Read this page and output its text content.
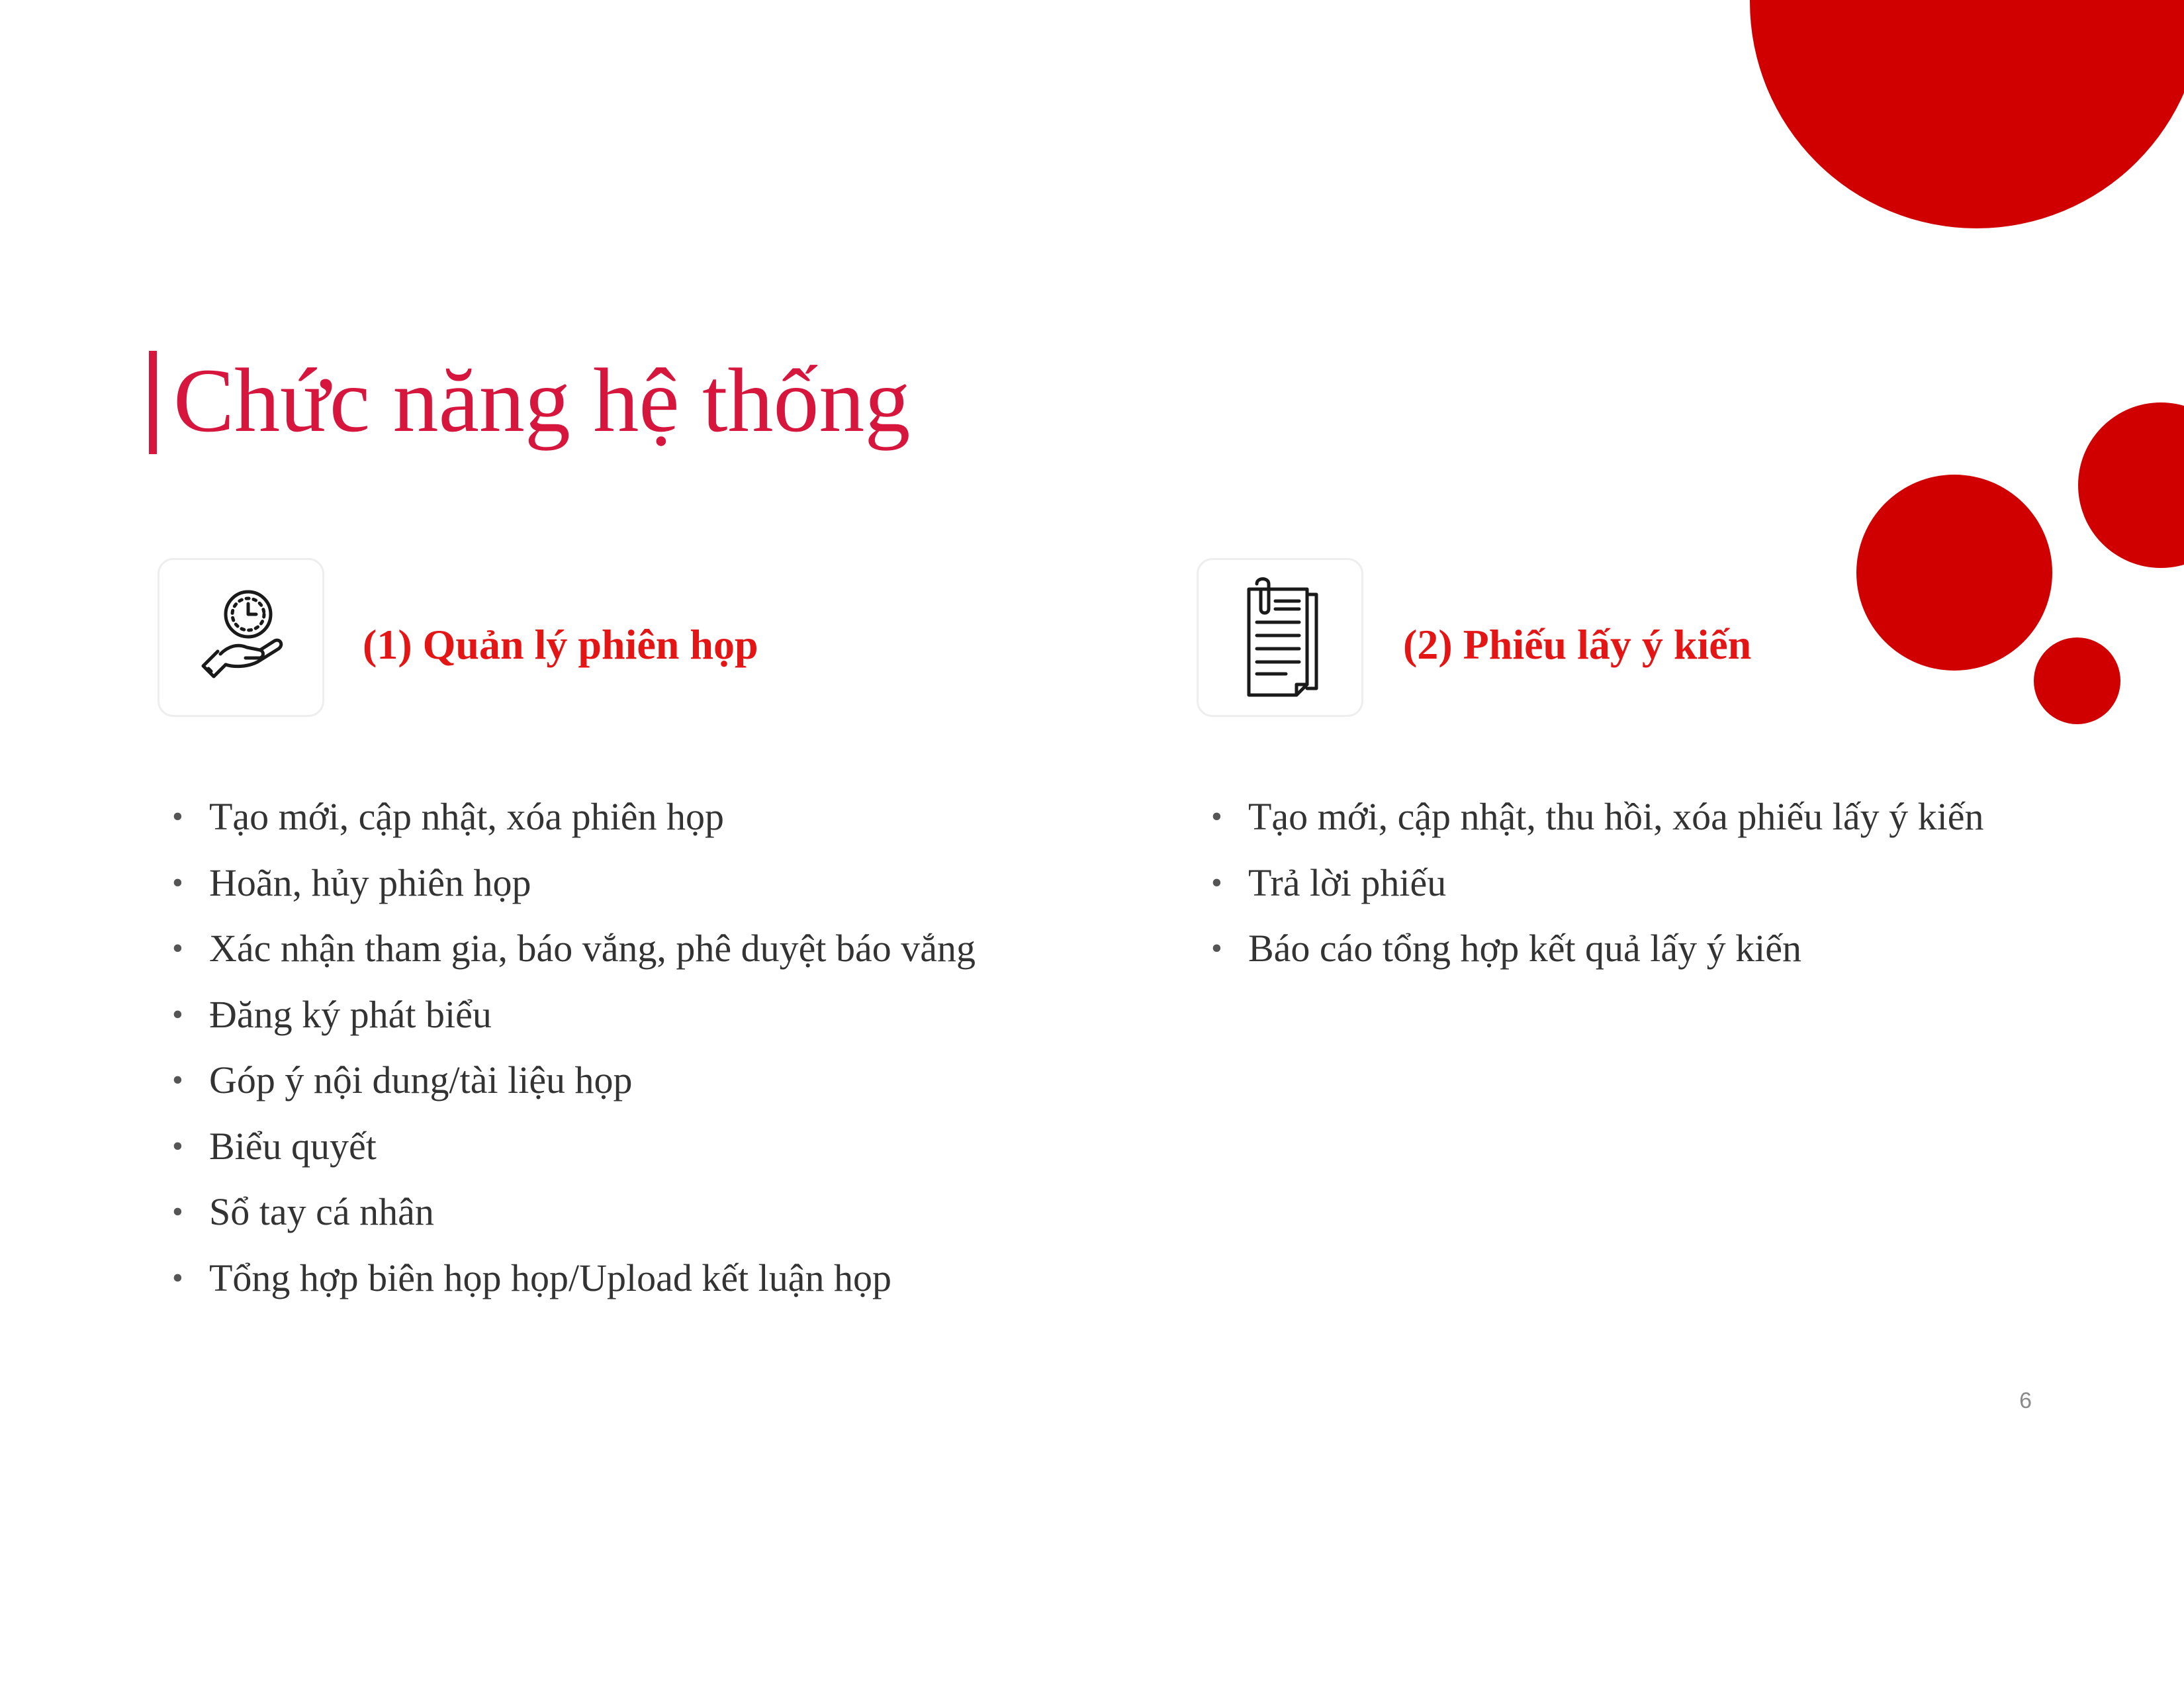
Chức năng hệ thống
(1) Quản lý phiên họp
• Tạo mới, cập nhật, xóa phiên họp
• Hoãn, hủy phiên họp
• Xác nhận tham gia, báo vắng, phê duyệt báo vắng
• Đăng ký phát biểu
• Góp ý nội dung/tài liệu họp
• Biểu quyết
• Sổ tay cá nhân
• Tổng hợp biên họp họp/Upload kết luận họp
(2) Phiếu lấy ý kiến
• Tạo mới, cập nhật, thu hồi, xóa phiếu lấy ý kiến
• Trả lời phiếu
• Báo cáo tổng hợp kết quả lấy ý kiến
6
